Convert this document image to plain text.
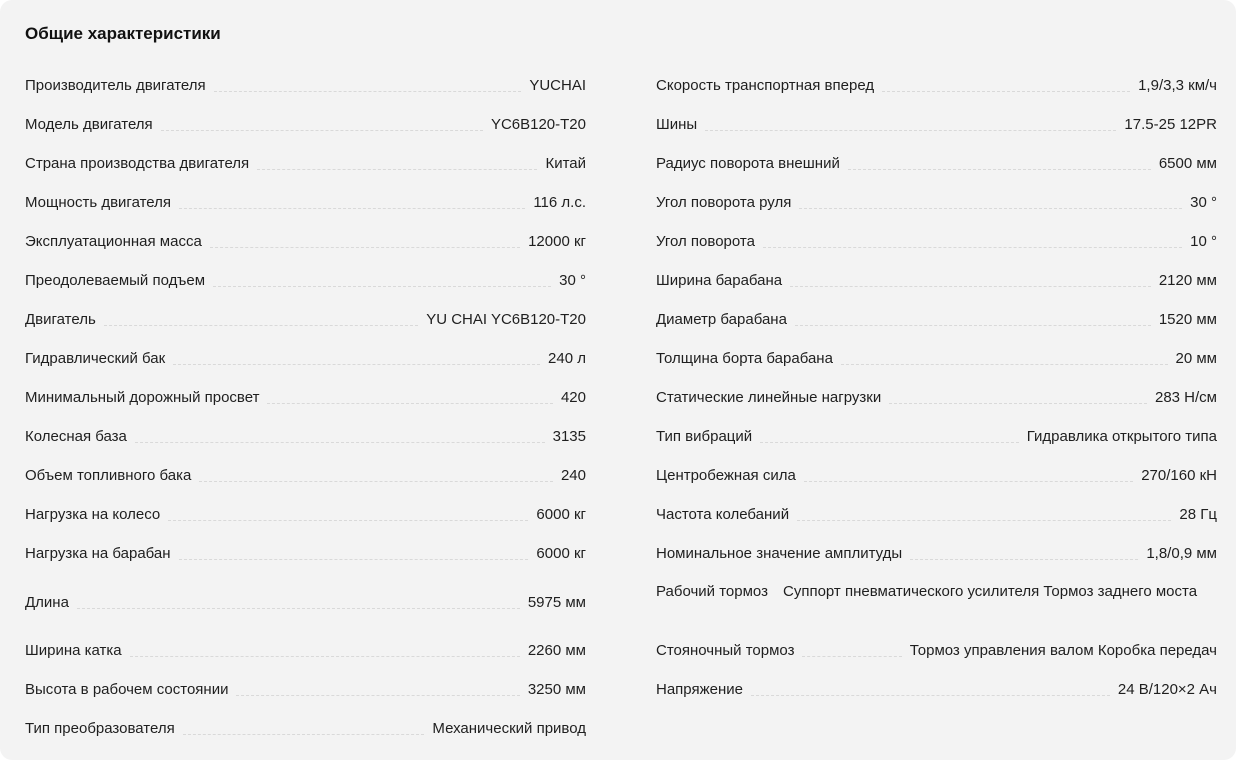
Общие характеристики
Производитель двигателя	YUCHAI
Модель двигателя	YC6B120-T20
Страна производства двигателя	Китай
Мощность двигателя	116 л.с.
Эксплуатационная масса	12000 кг
Преодолеваемый подъем	30 °
Двигатель	YU CHAI YC6B120-T20
Гидравлический бак	240 л
Минимальный дорожный просвет	420
Колесная база	3135
Объем топливного бака	240
Нагрузка на колесо	6000 кг
Нагрузка на барабан	6000 кг
Длина	5975 мм
Ширина катка	2260 мм
Высота в рабочем состоянии	3250 мм
Тип преобразователя	Механический привод
Скорость транспортная вперед	1,9/3,3 км/ч
Шины	17.5-25 12PR
Радиус поворота внешний	6500 мм
Угол поворота руля	30 °
Угол поворота	10 °
Ширина барабана	2120 мм
Диаметр барабана	1520 мм
Толщина борта барабана	20 мм
Статические линейные нагрузки	283 Н/см
Тип вибраций	Гидравлика открытого типа
Центробежная сила	270/160 кН
Частота колебаний	28 Гц
Номинальное значение амплитуды	1,8/0,9 мм
Рабочий тормоз	Суппорт пневматического усилителя Тормоз заднего моста
Стояночный тормоз	Тормоз управления валом Коробка передач
Напряжение	24 В/120×2 Ач
